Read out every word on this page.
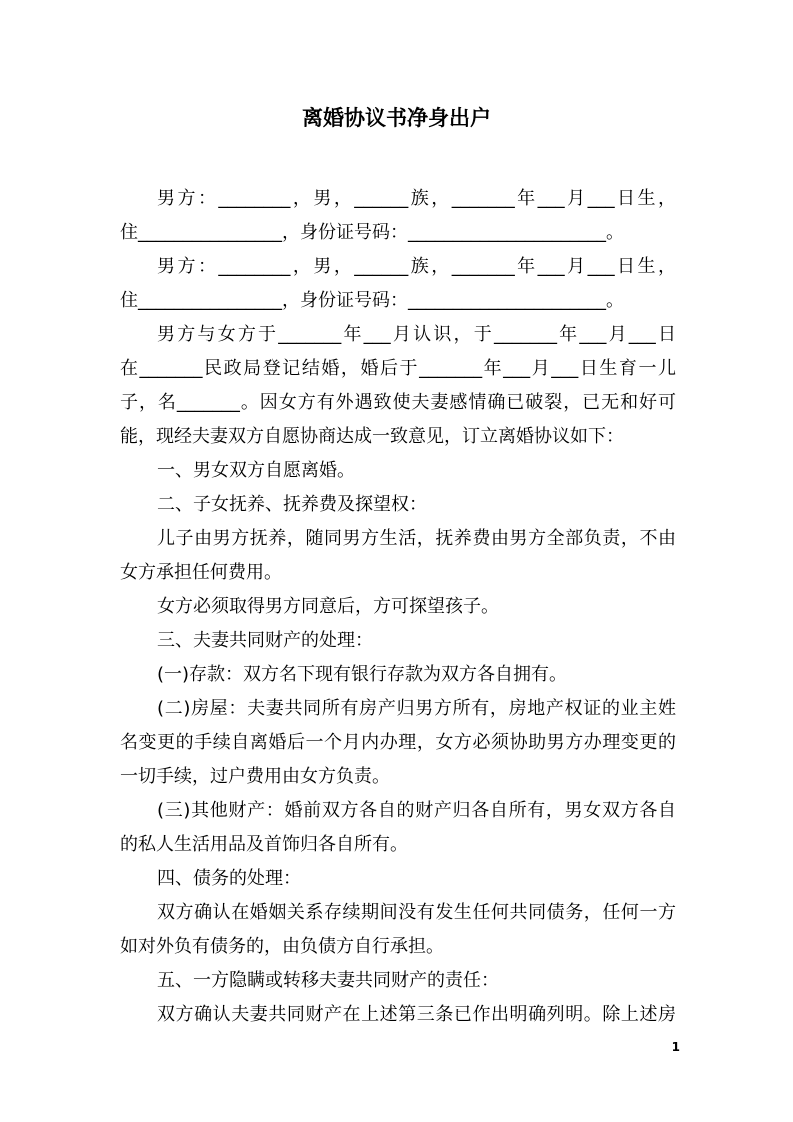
离婚协议书净身出户
男方：________，男，______族，_______年___月___日生，
住________________，身份证号码：______________________。
男方：________，男，______族，_______年___月___日生，
住________________，身份证号码：______________________。
男方与女方于_______年___月认识，于_______年___月___日
在_______民政局登记结婚，婚后于_______年___月___日生育一儿
子，名_______。因女方有外遇致使夫妻感情确已破裂，已无和好可
能，现经夫妻双方自愿协商达成一致意见，订立离婚协议如下：
一、男女双方自愿离婚。
二、子女抚养、抚养费及探望权：
儿子由男方抚养，随同男方生活，抚养费由男方全部负责，不由
女方承担任何费用。
女方必须取得男方同意后，方可探望孩子。
三、夫妻共同财产的处理：
(一)存款：双方名下现有银行存款为双方各自拥有。
(二)房屋：夫妻共同所有房产归男方所有，房地产权证的业主姓
名变更的手续自离婚后一个月内办理，女方必须协助男方办理变更的
一切手续，过户费用由女方负责。
(三)其他财产：婚前双方各自的财产归各自所有，男女双方各自
的私人生活用品及首饰归各自所有。
四、债务的处理：
双方确认在婚姻关系存续期间没有发生任何共同债务，任何一方
如对外负有债务的，由负债方自行承担。
五、一方隐瞒或转移夫妻共同财产的责任：
双方确认夫妻共同财产在上述第三条已作出明确列明。除上述房
1
